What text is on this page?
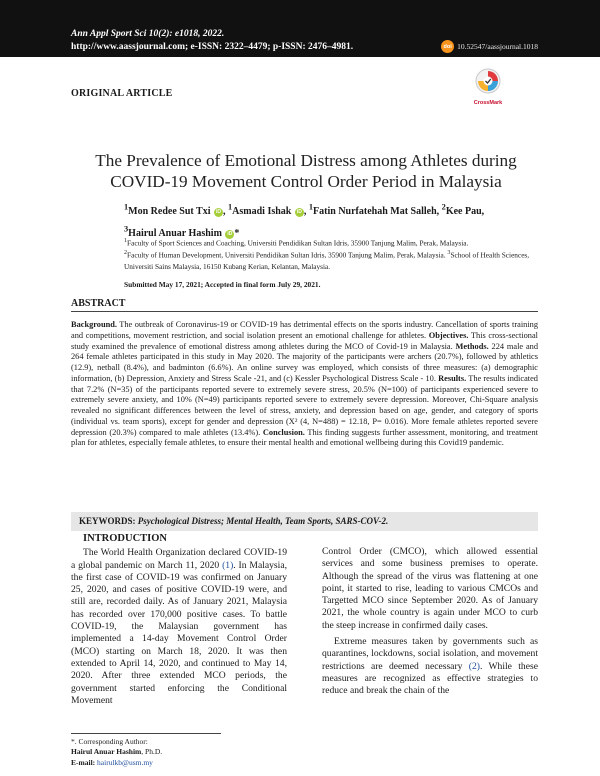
Ann Appl Sport Sci 10(2): e1018, 2022.
http://www.aassjournal.com; e-ISSN: 2322–4479; p-ISSN: 2476–4981.	doi 10.52547/aassjournal.1018
ORIGINAL ARTICLE
CrossMark
The Prevalence of Emotional Distress among Athletes during COVID-19 Movement Control Order Period in Malaysia
$^1$Mon Redee Sut Txi iD , $^1$Asmadi Ishak iD , $^1$Fatin Nurfatehah Mat Salleh, $^2$Kee Pau,
$^3$Hairul Anuar Hashim iD *
$^1$Faculty of Sport Sciences and Coaching, Universiti Pendidikan Sultan Idris, 35900 Tanjung Malim, Perak, Malaysia.
$^2$Faculty of Human Development, Universiti Pendidikan Sultan Idris, 35900 Tanjung Malim, Perak, Malaysia. $^3$School of Health Sciences, Universiti Sains Malaysia, 16150 Kubang Kerian, Kelantan, Malaysia.
Submitted May 17, 2021; Accepted in final form July 29, 2021.
ABSTRACT
Background. The outbreak of Coronavirus-19 or COVID-19 has detrimental effects on the sports industry. Cancellation of sports training and competitions, movement restriction, and social isolation present an emotional challenge for athletes. Objectives. This cross-sectional study examined the prevalence of emotional distress among athletes during the MCO of Covid-19 in Malaysia. Methods. 224 male and 264 female athletes participated in this study in May 2020. The majority of the participants were archers (20.7%), followed by athletics (12.9), netball (8.4%), and badminton (6.6%). An online survey was employed, which consists of three measures: (a) demographic information, (b) Depression, Anxiety and Stress Scale -21, and (c) Kessler Psychological Distress Scale - 10. Results. The results indicated that 7.2% (N=35) of the participants reported severe to extremely severe stress, 20.5% (N=100) of participants experienced severe to extremely severe anxiety, and 10% (N=49) participants reported severe to extremely severe depression. Moreover, Chi-Square analysis revealed no significant differences between the level of stress, anxiety, and depression based on age, gender, and category of sports (individual vs. team sports), except for gender and depression (X² (4, N=488) = 12.18, P= 0.016). More female athletes reported severe depression (20.3%) compared to male athletes (13.4%). Conclusion. This finding suggests further assessment, monitoring, and treatment plan for athletes, especially female athletes, to ensure their mental health and emotional wellbeing during this Covid19 pandemic.
KEYWORDS: Psychological Distress; Mental Health, Team Sports, SARS-COV-2.
INTRODUCTION

The World Health Organization declared COVID-19 a global pandemic on March 11, 2020 (1). In Malaysia, the first case of COVID-19 was confirmed on January 25, 2020, and cases of positive COVID-19 were, and still are, recorded daily. As of January 2021, Malaysia has recorded over 170,000 positive cases. To battle COVID-19, the Malaysian government has implemented a 14-day Movement Control Order (MCO) starting on March 18, 2020. It was then extended to April 14, 2020, and continued to May 14, 2020. After three extended MCO periods, the government started enforcing the Conditional Movement

Control Order (CMCO), which allowed essential services and some business premises to operate. Although the spread of the virus was flattening at one point, it started to rise, leading to various CMCOs and Targetted MCO since September 2020. As of January 2021, the whole country is again under MCO to curb the steep increase in confirmed daily cases.

Extreme measures taken by governments such as quarantines, lockdowns, social isolation, and movement restrictions are deemed necessary (2). While these measures are recognized as effective strategies to reduce and break the chain of the

*. Corresponding Author:
Hairul Anuar Hashim, Ph.D.
E-mail: hairulkb@usm.my
